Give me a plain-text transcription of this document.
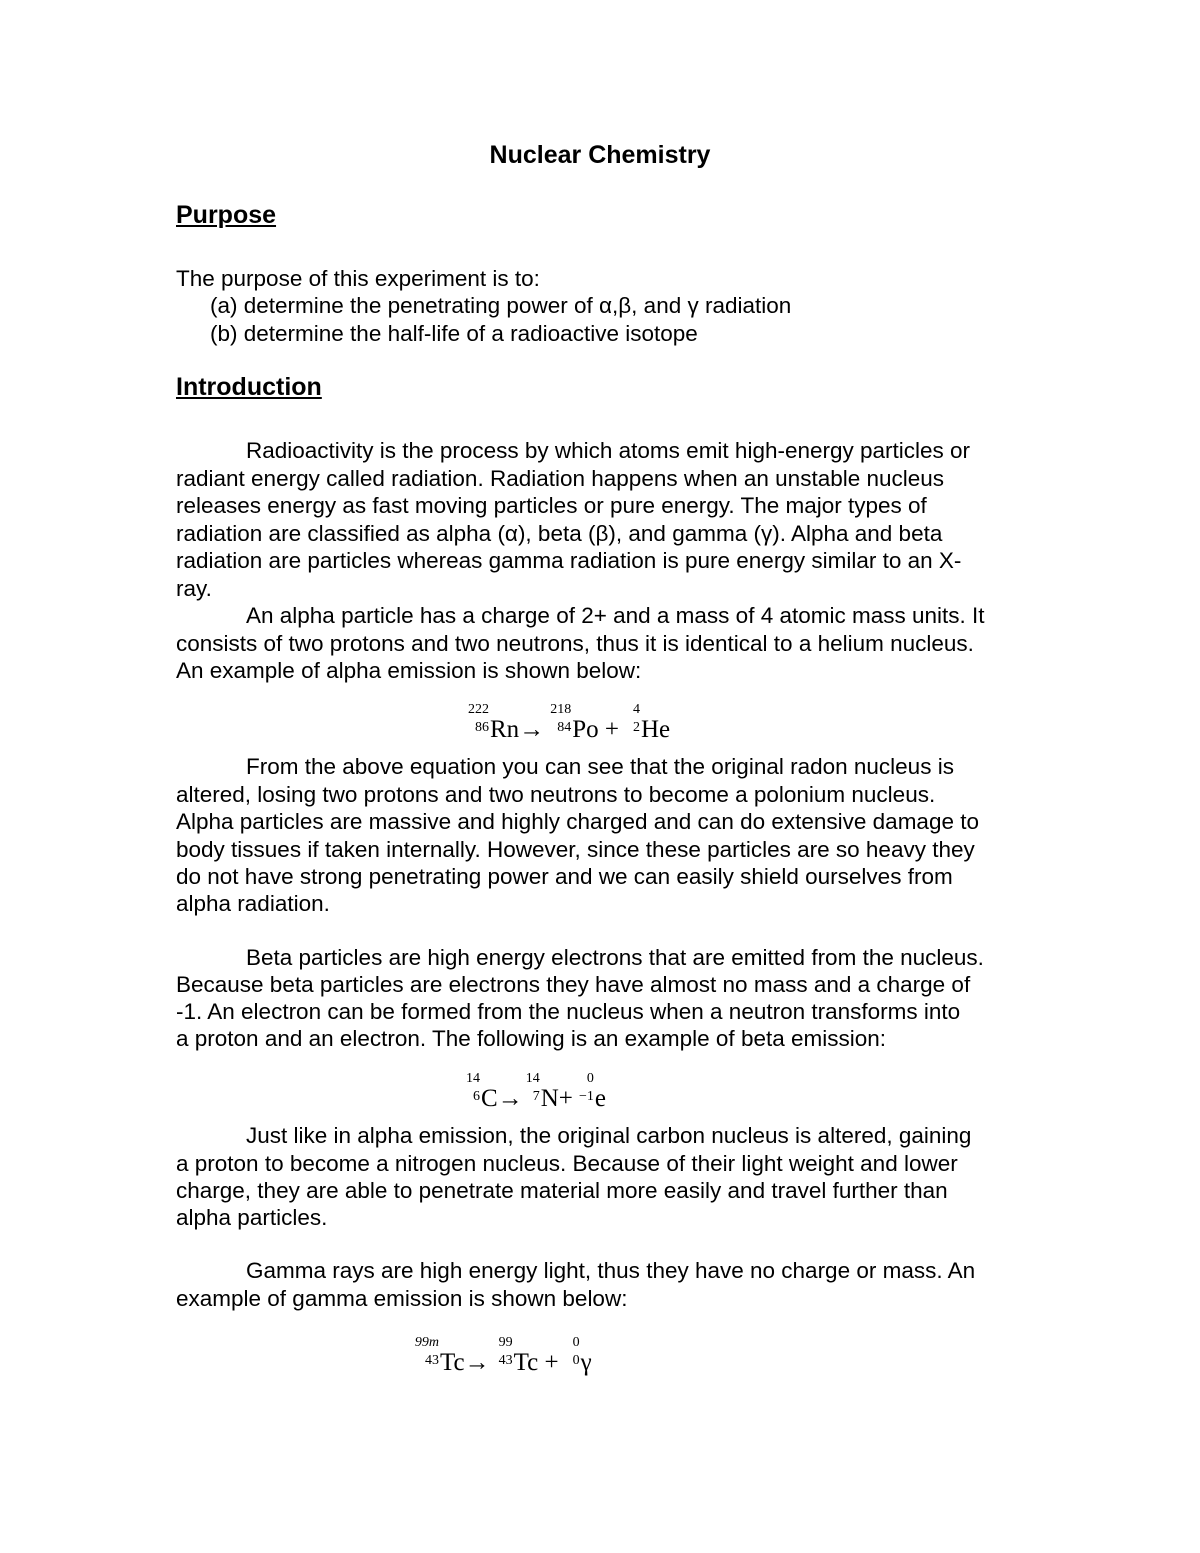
Nuclear Chemistry
Purpose
The purpose of this experiment is to:
(a) determine the penetrating power of α,β, and γ radiation
(b) determine the half-life of a radioactive isotope
Introduction
Radioactivity is the process by which atoms emit high-energy particles or
radiant energy called radiation. Radiation happens when an unstable nucleus
releases energy as fast moving particles or pure energy. The major types of
radiation are classified as alpha (α), beta (β), and gamma (γ). Alpha and beta
radiation are particles whereas gamma radiation is pure energy similar to an X-
ray.
An alpha particle has a charge of 2+ and a mass of 4 atomic mass units. It
consists of two protons and two neutrons, thus it is identical to a helium nucleus.
An example of alpha emission is shown below:
222
86 Rn→
218
84 Po +
4
2 He
From the above equation you can see that the original radon nucleus is
altered, losing two protons and two neutrons to become a polonium nucleus.
Alpha particles are massive and highly charged and can do extensive damage to
body tissues if taken internally. However, since these particles are so heavy they
do not have strong penetrating power and we can easily shield ourselves from
alpha radiation.
Beta particles are high energy electrons that are emitted from the nucleus.
Because beta particles are electrons they have almost no mass and a charge of
-1. An electron can be formed from the nucleus when a neutron transforms into
a proton and an electron. The following is an example of beta emission:
14
6 C→
14
7 N+
0
−1 e
Just like in alpha emission, the original carbon nucleus is altered, gaining
a proton to become a nitrogen nucleus. Because of their light weight and lower
charge, they are able to penetrate material more easily and travel further than
alpha particles.
Gamma rays are high energy light, thus they have no charge or mass. An
example of gamma emission is shown below:
99m
43 Tc→
99
43 Tc +
0
0 γ
